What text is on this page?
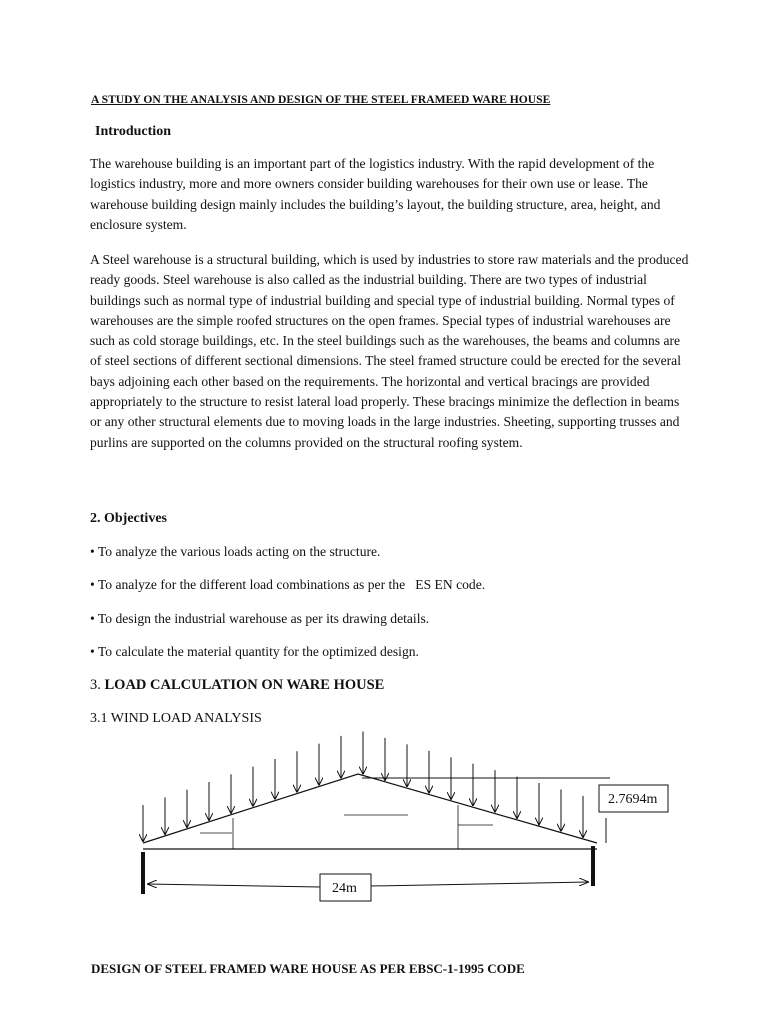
A STUDY ON THE ANALYSIS AND DESIGN OF THE STEEL FRAMEED WARE HOUSE
Introduction

The warehouse building is an important part of the logistics industry. With the rapid development of the logistics industry, more and more owners consider building warehouses for their own use or lease. The warehouse building design mainly includes the building’s layout, the building structure, area, height, and enclosure system.

A Steel warehouse is a structural building, which is used by industries to store raw materials and the produced ready goods. Steel warehouse is also called as the industrial building. There are two types of industrial buildings such as normal type of industrial building and special type of industrial building. Normal types of warehouses are the simple roofed structures on the open frames. Special types of industrial warehouses are such as cold storage buildings, etc. In the steel buildings such as the warehouses, the beams and columns are of steel sections of different sectional dimensions. The steel framed structure could be erected for the several bays adjoining each other based on the requirements. The horizontal and vertical bracings are provided appropriately to the structure to resist lateral load properly. These bracings minimize the deflection in beams or any other structural elements due to moving loads in the large industries. Sheeting, supporting trusses and purlins are supported on the columns provided on the structural roofing system.

2. Objectives
• To analyze the various loads acting on the structure.
• To analyze for the different load combinations as per the   ES EN code.
• To design the industrial warehouse as per its drawing details.
• To calculate the material quantity for the optimized design.
3. LOAD CALCULATION ON WARE HOUSE
3.1 WIND LOAD ANALYSIS
2.7694m
24m
DESIGN OF STEEL FRAMED WARE HOUSE AS PER EBSC-1-1995 CODE
